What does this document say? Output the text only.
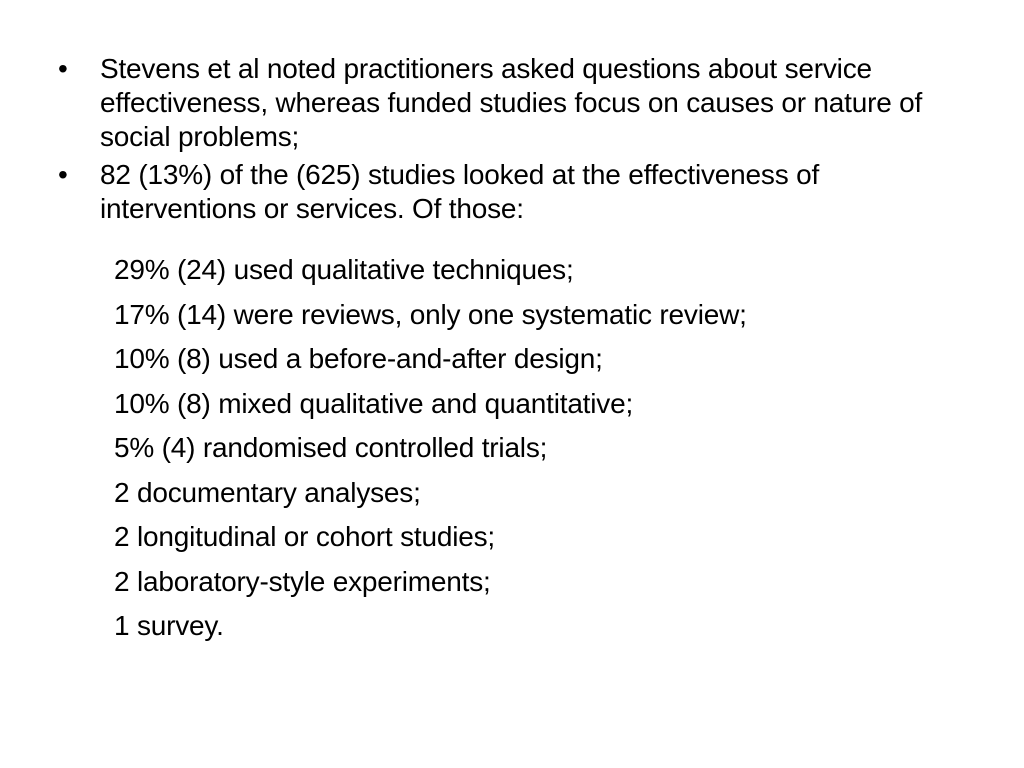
•	Stevens et al noted practitioners asked questions about service effectiveness, whereas funded studies focus on causes or nature of social problems;
•	82 (13%) of the (625) studies looked at the effectiveness of interventions or services. Of those:
29% (24) used qualitative techniques;
17% (14) were reviews, only one systematic review;
10% (8) used a before-and-after design;
10% (8) mixed qualitative and quantitative;
5% (4) randomised controlled trials;
2 documentary analyses;
2 longitudinal or cohort studies;
2 laboratory-style experiments;
1 survey.
